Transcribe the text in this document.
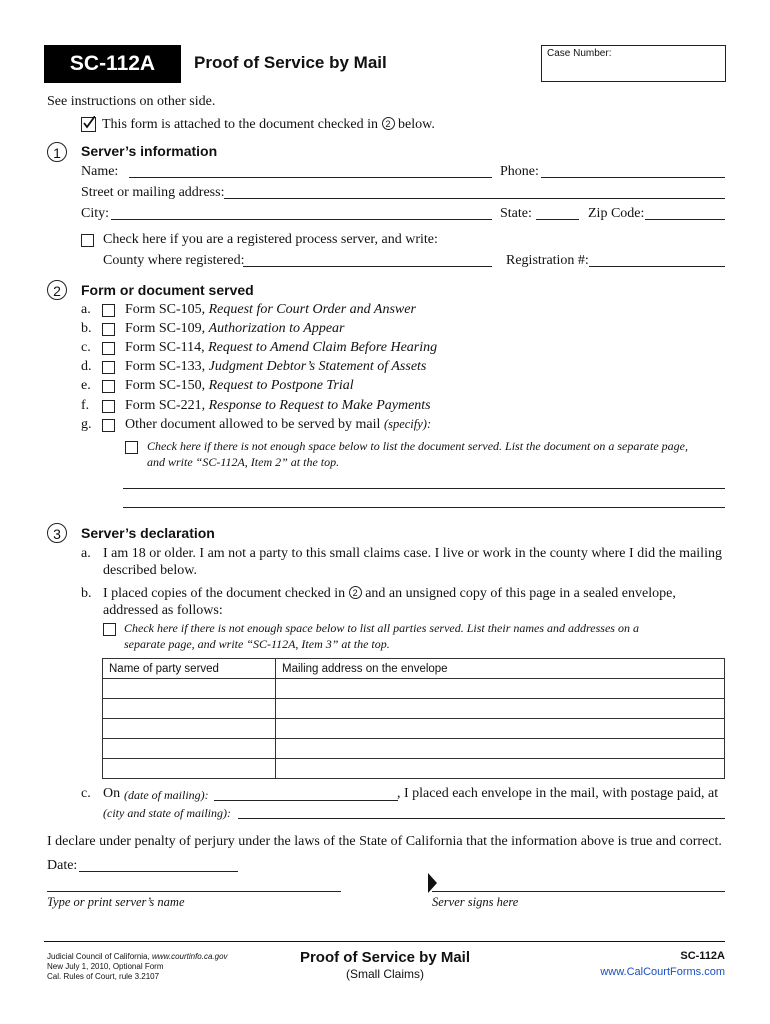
SC-112A	Proof of Service by Mail	Case Number:
See instructions on other side.
This form is attached to the document checked in 2 below.
1	Server’s information
Name:	Phone:
Street or mailing address:
City:	State:	Zip Code:
Check here if you are a registered process server, and write:
County where registered:	Registration #:
2	Form or document served
a. Form SC-105, Request for Court Order and Answer
b. Form SC-109, Authorization to Appear
c. Form SC-114, Request to Amend Claim Before Hearing
d. Form SC-133, Judgment Debtor’s Statement of Assets
e. Form SC-150, Request to Postpone Trial
f.	Form SC-221, Response to Request to Make Payments
g. Other document allowed to be served by mail (specify):
Check here if there is not enough space below to list the document served. List the document on a separate page,
and write “SC-112A, Item 2” at the top.
3	Server’s declaration
a. I am 18 or older. I am not a party to this small claims case. I live or work in the county where I did the mailing
described below.
b. I placed copies of the document checked in 2 and an unsigned copy of this page in a sealed envelope,
addressed as follows:
Check here if there is not enough space below to list all parties served. List their names and addresses on a
separate page, and write “SC-112A, Item 3” at the top.
Name of party served	Mailing address on the envelope

c. On (date of mailing):	, I placed each envelope in the mail, with postage paid, at
(city and state of mailing):
I declare under penalty of perjury under the laws of the State of California that the information above is true and correct.
Date:
Type or print server’s name	Server signs here
Judicial Council of California, www.courtinfo.ca.gov
New July 1, 2010, Optional Form
Cal. Rules of Court, rule 3.2107
Proof of Service by Mail
(Small Claims)
SC-112A
www.CalCourtForms.com
